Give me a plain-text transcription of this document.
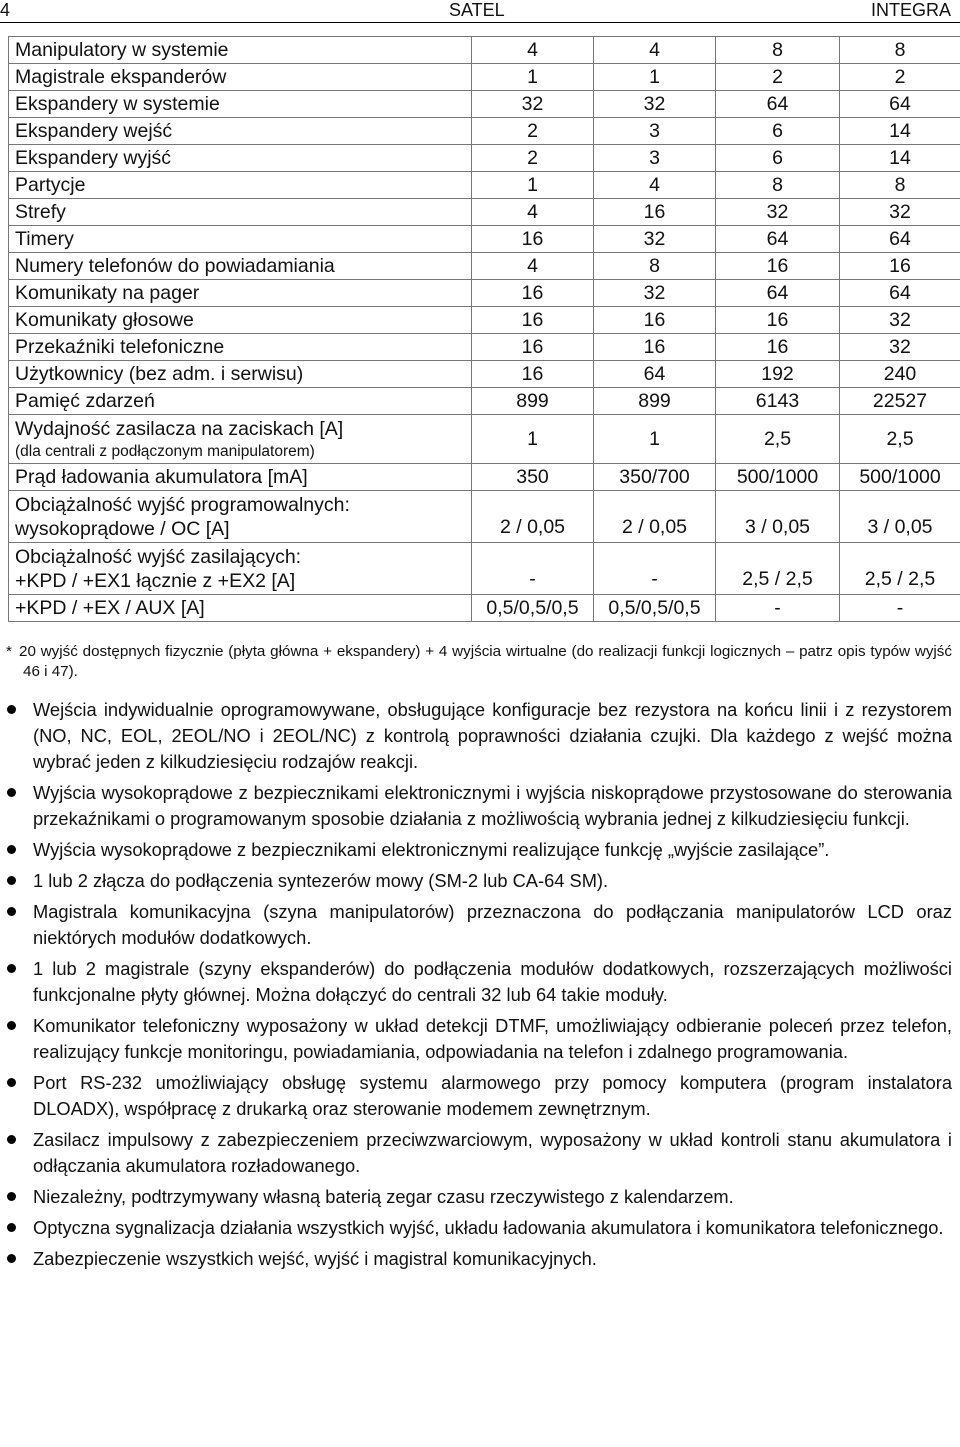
4	SATEL	INTEGRA
Manipulatory w systemie	4	4	8	8

Magistrale ekspanderów	1	1	2	2

Ekspandery w systemie	32	32	64	64

Ekspandery wejść	2	3	6	14

Ekspandery wyjść	2	3	6	14

Partycje	1	4	8	8

Strefy	4	16	32	32

Timery	16	32	64	64

Numery telefonów do powiadamiania	4	8	16	16

Komunikaty na pager	16	32	64	64

Komunikaty głosowe	16	16	16	32

Przekaźniki telefoniczne	16	16	16	32

Użytkownicy (bez adm. i serwisu)	16	64	192	240

Pamięć zdarzeń	899	899	6143	22527

Wydajność zasilacza na zaciskach [A]
(dla centrali z podłączonym manipulatorem)	1	1	2,5	2,5

Prąd ładowania akumulatora [mA]	350	350/700	500/1000	500/1000

Obciążalność wyjść programowalnych:
wysokoprądowe / OC [A]	2 / 0,05	2 / 0,05	3 / 0,05	3 / 0,05

Obciążalność wyjść zasilających:
+KPD / +EX1 łącznie z +EX2 [A]	-	-	2,5 / 2,5	2,5 / 2,5

+KPD / +EX / AUX [A]	0,5/0,5/0,5	0,5/0,5/0,5	-	-
* 20 wyjść dostępnych fizycznie (płyta główna + ekspandery) + 4 wyjścia wirtualne (do realizacji funkcji logicznych – patrz opis typów wyjść 46 i 47).
Wejścia indywidualnie oprogramowywane, obsługujące konfiguracje bez rezystora na końcu linii i z rezystorem (NO, NC, EOL, 2EOL/NO i 2EOL/NC) z kontrolą poprawności działania czujki. Dla każdego z wejść można wybrać jeden z kilkudziesięciu rodzajów reakcji.
Wyjścia wysokoprądowe z bezpiecznikami elektronicznymi i wyjścia niskoprądowe przystosowane do sterowania przekaźnikami o programowanym sposobie działania z możliwością wybrania jednej z kilkudziesięciu funkcji.
Wyjścia wysokoprądowe z bezpiecznikami elektronicznymi realizujące funkcję „wyjście zasilające”.
1 lub 2 złącza do podłączenia syntezerów mowy (SM-2 lub CA-64 SM).
Magistrala komunikacyjna (szyna manipulatorów) przeznaczona do podłączania manipulatorów LCD oraz niektórych modułów dodatkowych.
1 lub 2 magistrale (szyny ekspanderów) do podłączenia modułów dodatkowych, rozszerzających możliwości funkcjonalne płyty głównej. Można dołączyć do centrali 32 lub 64 takie moduły.
Komunikator telefoniczny wyposażony w układ detekcji DTMF, umożliwiający odbieranie poleceń przez telefon, realizujący funkcje monitoringu, powiadamiania, odpowiadania na telefon i zdalnego programowania.
Port RS-232 umożliwiający obsługę systemu alarmowego przy pomocy komputera (program instalatora DLOADX), współpracę z drukarką oraz sterowanie modemem zewnętrznym.
Zasilacz impulsowy z zabezpieczeniem przeciwzwarciowym, wyposażony w układ kontroli stanu akumulatora i odłączania akumulatora rozładowanego.
Niezależny, podtrzymywany własną baterią zegar czasu rzeczywistego z kalendarzem.
Optyczna sygnalizacja działania wszystkich wyjść, układu ładowania akumulatora i komunikatora telefonicznego.
Zabezpieczenie wszystkich wejść, wyjść i magistral komunikacyjnych.
